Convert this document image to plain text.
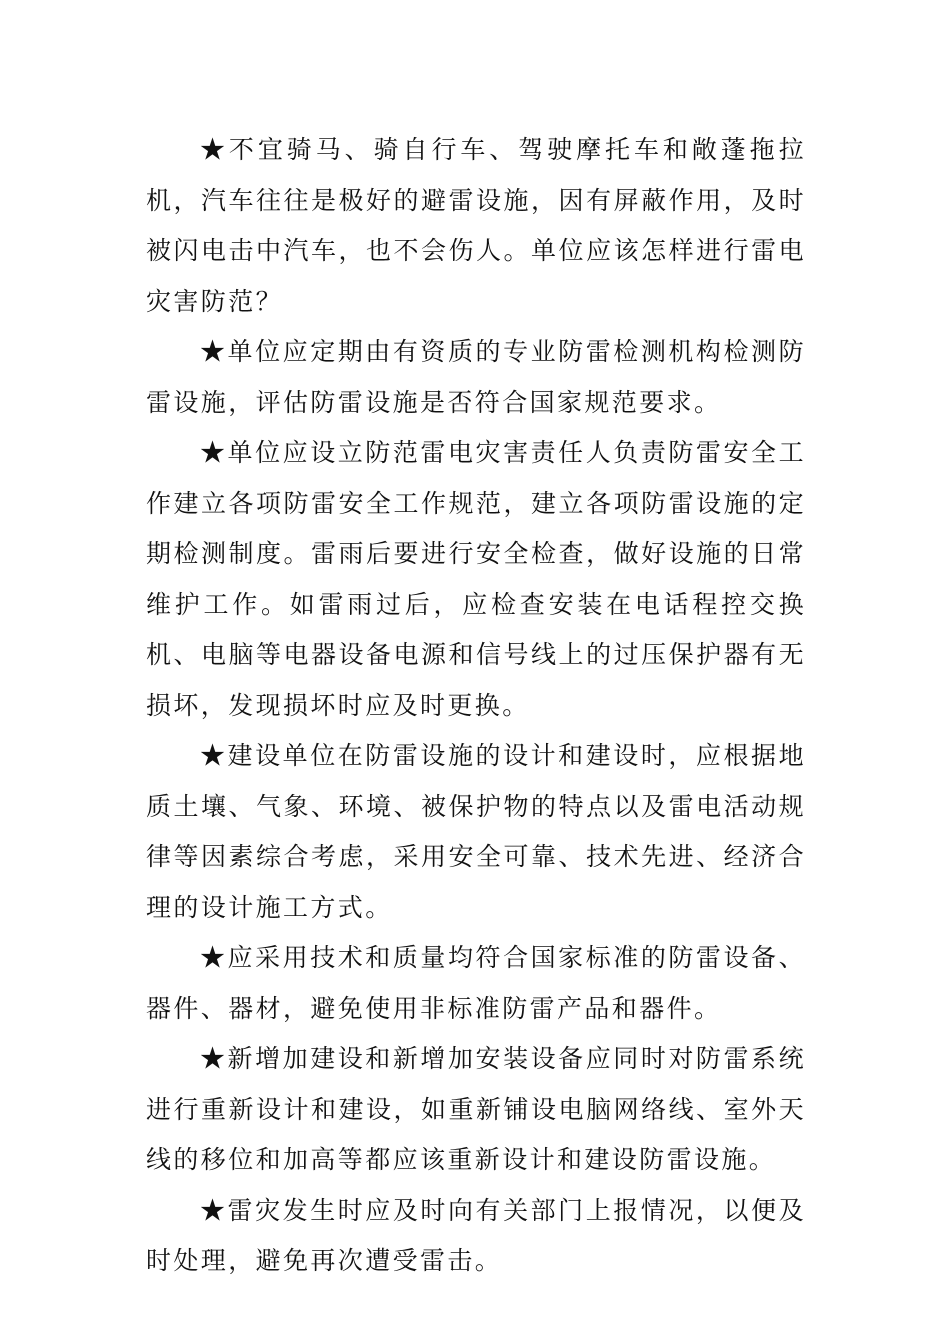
★不宜骑马、骑自行车、驾驶摩托车和敞蓬拖拉机，汽车往往是极好的避雷设施，因有屏蔽作用，及时被闪电击中汽车，也不会伤人。单位应该怎样进行雷电灾害防范？

★单位应定期由有资质的专业防雷检测机构检测防雷设施，评估防雷设施是否符合国家规范要求。

★单位应设立防范雷电灾害责任人负责防雷安全工作建立各项防雷安全工作规范，建立各项防雷设施的定期检测制度。雷雨后要进行安全检查，做好设施的日常维护工作。如雷雨过后，应检查安装在电话程控交换机、电脑等电器设备电源和信号线上的过压保护器有无损坏，发现损坏时应及时更换。

★建设单位在防雷设施的设计和建设时，应根据地质土壤、气象、环境、被保护物的特点以及雷电活动规律等因素综合考虑，采用安全可靠、技术先进、经济合理的设计施工方式。

★应采用技术和质量均符合国家标准的防雷设备、器件、器材，避免使用非标准防雷产品和器件。

★新增加建设和新增加安装设备应同时对防雷系统进行重新设计和建设，如重新铺设电脑网络线、室外天线的移位和加高等都应该重新设计和建设防雷设施。

★雷灾发生时应及时向有关部门上报情况，以便及时处理，避免再次遭受雷击。
